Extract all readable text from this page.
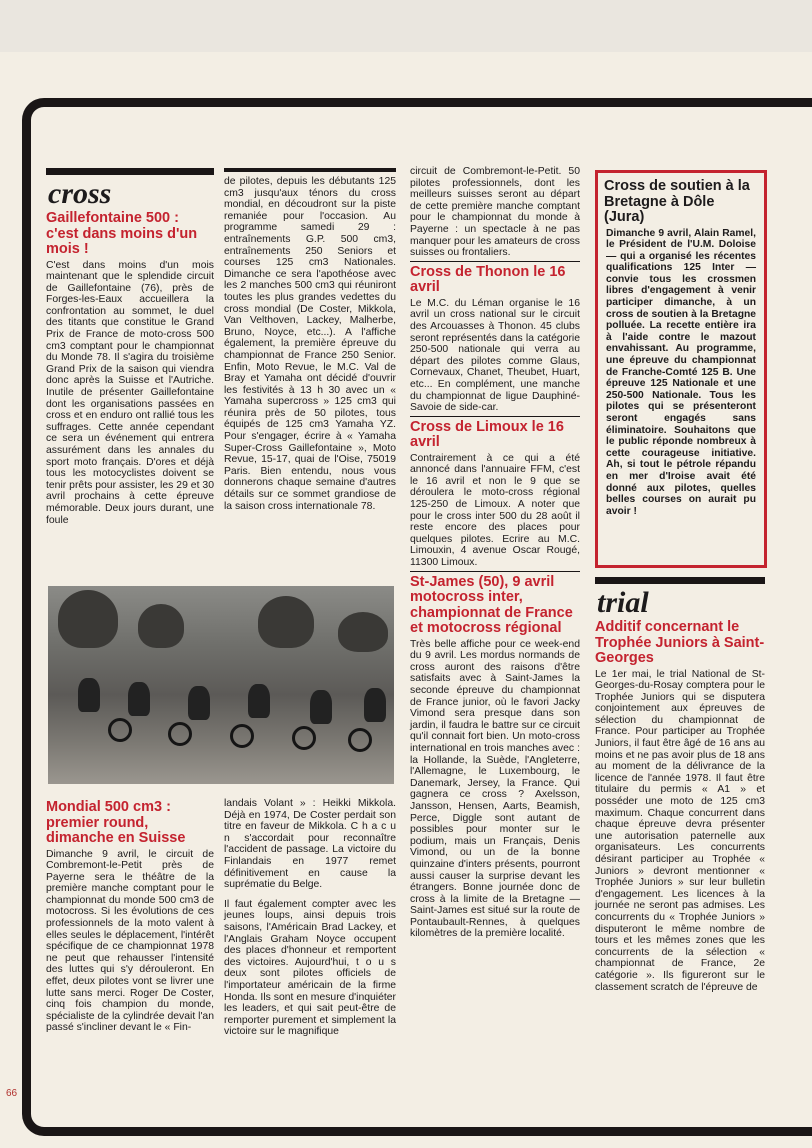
cross
Gaillefontaine 500 : c'est dans moins d'un mois !

C'est dans moins d'un mois maintenant que le splendide circuit de Gaillefontaine (76), près de Forges-les-Eaux accueillera la confrontation au sommet, le duel des titants que constitue le Grand Prix de France de moto-cross 500 cm3 comptant pour le championnat du Monde 78. Il s'agira du troisième Grand Prix de la saison qui viendra donc après la Suisse et l'Autriche. Inutile de présenter Gaillefontaine dont les organisations passées en cross et en enduro ont rallié tous les suffrages. Cette année cependant ce sera un événement qui entrera assurément dans les annales du sport moto français. D'ores et déjà tous les motocyclistes doivent se tenir prêts pour assister, les 29 et 30 avril prochains à cette épreuve mémorable. Deux jours durant, une foule

de pilotes, depuis les débutants 125 cm3 jusqu'aux ténors du cross mondial, en découdront sur la piste remaniée pour l'occasion. Au programme samedi 29 : entraînements G.P. 500 cm3, entraînements 250 Seniors et courses 125 cm3 Nationales. Dimanche ce sera l'apothéose avec les 2 manches 500 cm3 qui réuniront toutes les plus grandes vedettes du cross mondial (De Coster, Mikkola, Van Velthoven, Lackey, Malherbe, Bruno, Noyce, etc...). A l'affiche également, la première épreuve du championnat de France 250 Senior. Enfin, Moto Revue, le M.C. Val de Bray et Yamaha ont décidé d'ouvrir les festivités à 13 h 30 avec un « Yamaha supercross » 125 cm3 qui réunira près de 50 pilotes, tous équipés de 125 cm3 Yamaha YZ. Pour s'engager, écrire à « Yamaha Super-Cross Gaillefontaine », Moto Revue, 15-17, quai de l'Oise, 75019 Paris. Bien entendu, nous vous donnerons chaque semaine d'autres détails sur ce sommet grandiose de la saison cross internationale 78.

circuit de Combremont-le-Petit. 50 pilotes professionnels, dont les meilleurs suisses seront au départ de cette première manche comptant pour le championnat du monde à Payerne : un spectacle à ne pas manquer pour les amateurs de cross suisses ou frontaliers.

Cross de Thonon le 16 avril

Le M.C. du Léman organise le 16 avril un cross national sur le circuit des Arcouasses à Thonon. 45 clubs seront représentés dans la catégorie 250-500 nationale qui verra au départ des pilotes comme Glaus, Cornevaux, Chanet, Theubet, Huart, etc... En complément, une manche du championnat de ligue Dauphiné-Savoie de side-car.

Cross de Limoux le 16 avril

Contrairement à ce qui a été annoncé dans l'annuaire FFM, c'est le 16 avril et non le 9 que se déroulera le moto-cross régional 125-250 de Limoux. A noter que pour le cross inter 500 du 28 août il reste encore des places pour quelques pilotes. Ecrire au M.C. Limouxin, 4 avenue Oscar Rougé, 11300 Limoux.

St-James (50), 9 avril motocross inter, championnat de France et motocross régional

Très belle affiche pour ce week-end du 9 avril. Les mordus normands de cross auront des raisons d'être satisfaits avec à Saint-James la seconde épreuve du championnat de France junior, où le favori Jacky Vimond sera presque dans son jardin, il faudra le battre sur ce circuit qu'il connait fort bien. Un moto-cross international en trois manches avec : la Hollande, la Suède, l'Angleterre, l'Allemagne, le Luxembourg, le Danemark, Jersey, la France. Qui gagnera ce cross ? Axelsson, Jansson, Hensen, Aarts, Beamish, Perce, Diggle sont autant de possibles pour monter sur le podium, mais un Français, Denis Vimond, ou un de la bonne quinzaine d'inters présents, pourront aussi causer la surprise devant les étrangers. Bonne journée donc de cross à la limite de la Bretagne — Saint-James est situé sur la route de Pontaubault-Rennes, à quelques kilomètres de la première localité.

Mondial 500 cm3 : premier round, dimanche en Suisse

Dimanche 9 avril, le circuit de Combremont-le-Petit près de Payerne sera le théâtre de la première manche comptant pour le championnat du monde 500 cm3 de motocross. Si les évolutions de ces professionnels de la moto valent à elles seules le déplacement, l'intérêt spécifique de ce championnat 1978 ne peut que rehausser l'intensité des luttes qui s'y dérouleront. En effet, deux pilotes vont se livrer une lutte sans merci. Roger De Coster, cinq fois champion du monde, spécialiste de la cylindrée devait l'an passé s'incliner devant le « Fin-

landais Volant » : Heikki Mikkola. Déjà en 1974, De Coster perdait son titre en faveur de Mikkola. C h a c u n s'accordait pour reconnaître l'accident de passage. La victoire du Finlandais en 1977 remet définitivement en cause la suprématie du Belge.

Il faut également compter avec les jeunes loups, ainsi depuis trois saisons, l'Américain Brad Lackey, et l'Anglais Graham Noyce occupent des places d'honneur et remportent des victoires. Aujourd'hui, t o u s deux sont pilotes officiels de l'importateur américain de la firme Honda. Ils sont en mesure d'inquiéter les leaders, et qui sait peut-être de remporter purement et simplement la victoire sur le magnifique

Cross de soutien à la Bretagne à Dôle (Jura)

Dimanche 9 avril, Alain Ramel, le Président de l'U.M. Doloise — qui a organisé les récentes qualifications 125 Inter — convie tous les crossmen libres d'engagement à venir participer dimanche, à un cross de soutien à la Bretagne polluée. La recette entière ira à l'aide contre le mazout envahissant. Au programme, une épreuve du championnat de Franche-Comté 125 B. Une épreuve 125 Nationale et une 250-500 Nationale. Tous les pilotes qui se présenteront seront engagés sans éliminatoire. Souhaitons que le public réponde nombreux à cette courageuse initiative. Ah, si tout le pétrole répandu en mer d'Iroise avait été donné aux pilotes, quelles belles courses on aurait pu avoir !

trial
Additif concernant le Trophée Juniors à Saint-Georges

Le 1er mai, le trial National de St-Georges-du-Rosay comptera pour le Trophée Juniors qui se disputera conjointement aux épreuves de sélection du championnat de France. Pour participer au Trophée Juniors, il faut être âgé de 16 ans au moins et ne pas avoir plus de 18 ans au moment de la délivrance de la licence de l'année 1978. Il faut être titulaire du permis « A1 » et posséder une moto de 125 cm3 maximum. Chaque concurrent dans chaque épreuve devra présenter une autorisation paternelle aux organisateurs. Les concurrents désirant participer au Trophée « Juniors » devront mentionner « Trophée Juniors » sur leur bulletin d'engagement. Les licences à la journée ne seront pas admises. Les concurrents du « Trophée Juniors » disputeront le même nombre de tours et les mêmes zones que les concurrents de la sélection « championnat de France, 2e catégorie ». Ils figureront sur le classement scratch de l'épreuve de

66
